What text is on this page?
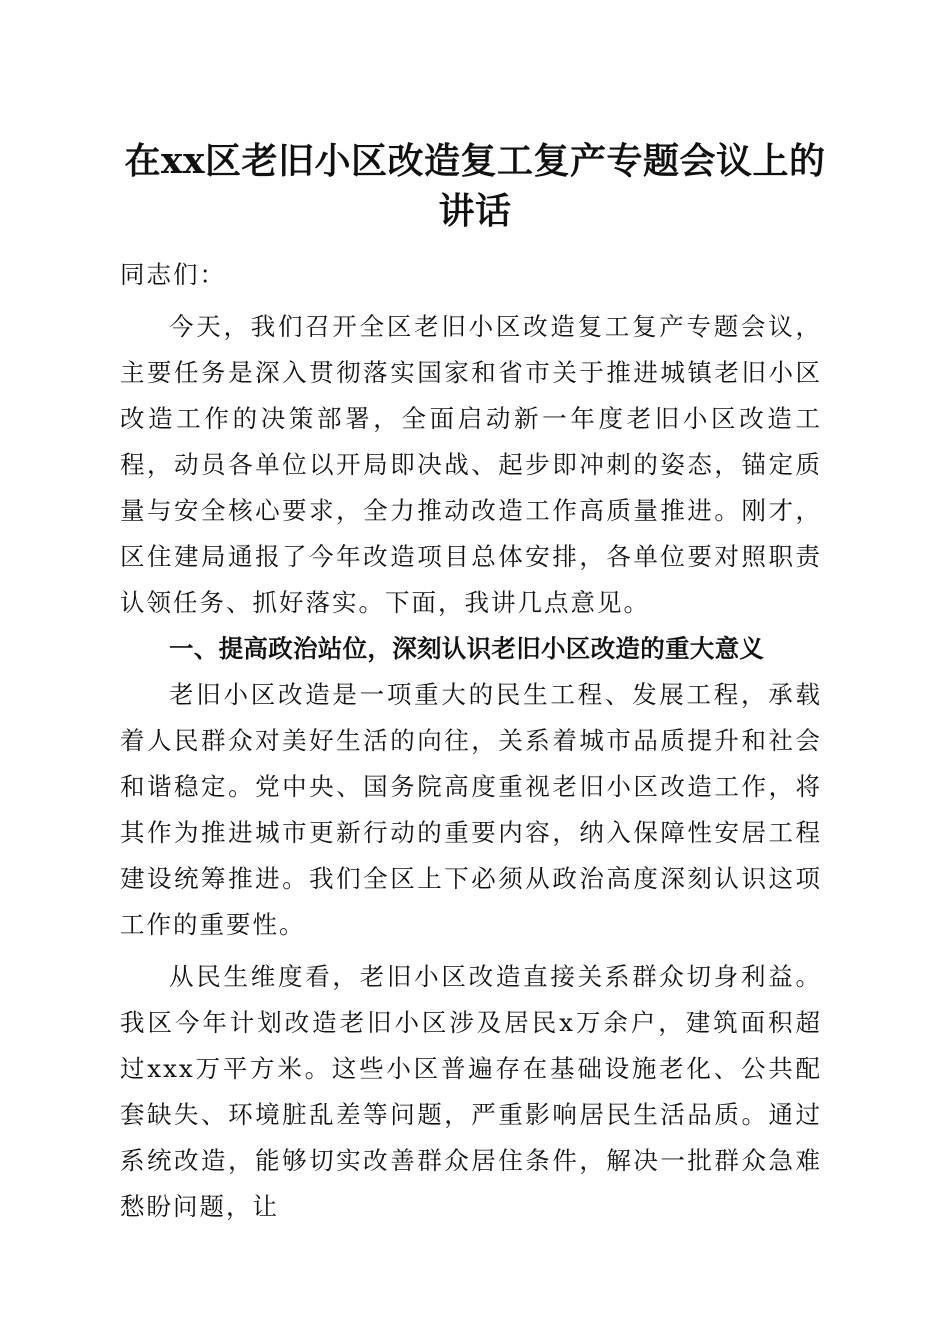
在xx区老旧小区改造复工复产专题会议上的
讲话

同志们：

今天，我们召开全区老旧小区改造复工复产专题会议，主要任务是深入贯彻落实国家和省市关于推进城镇老旧小区改造工作的决策部署，全面启动新一年度老旧小区改造工程，动员各单位以开局即决战、起步即冲刺的姿态，锚定质量与安全核心要求，全力推动改造工作高质量推进。刚才，区住建局通报了今年改造项目总体安排，各单位要对照职责认领任务、抓好落实。下面，我讲几点意见。

一、提高政治站位，深刻认识老旧小区改造的重大意义

老旧小区改造是一项重大的民生工程、发展工程，承载着人民群众对美好生活的向往，关系着城市品质提升和社会和谐稳定。党中央、国务院高度重视老旧小区改造工作，将其作为推进城市更新行动的重要内容，纳入保障性安居工程建设统筹推进。我们全区上下必须从政治高度深刻认识这项工作的重要性。

从民生维度看，老旧小区改造直接关系群众切身利益。我区今年计划改造老旧小区涉及居民x万余户，建筑面积超过xxx万平方米。这些小区普遍存在基础设施老化、公共配套缺失、环境脏乱差等问题，严重影响居民生活品质。通过系统改造，能够切实改善群众居住条件，解决一批群众急难愁盼问题，让
